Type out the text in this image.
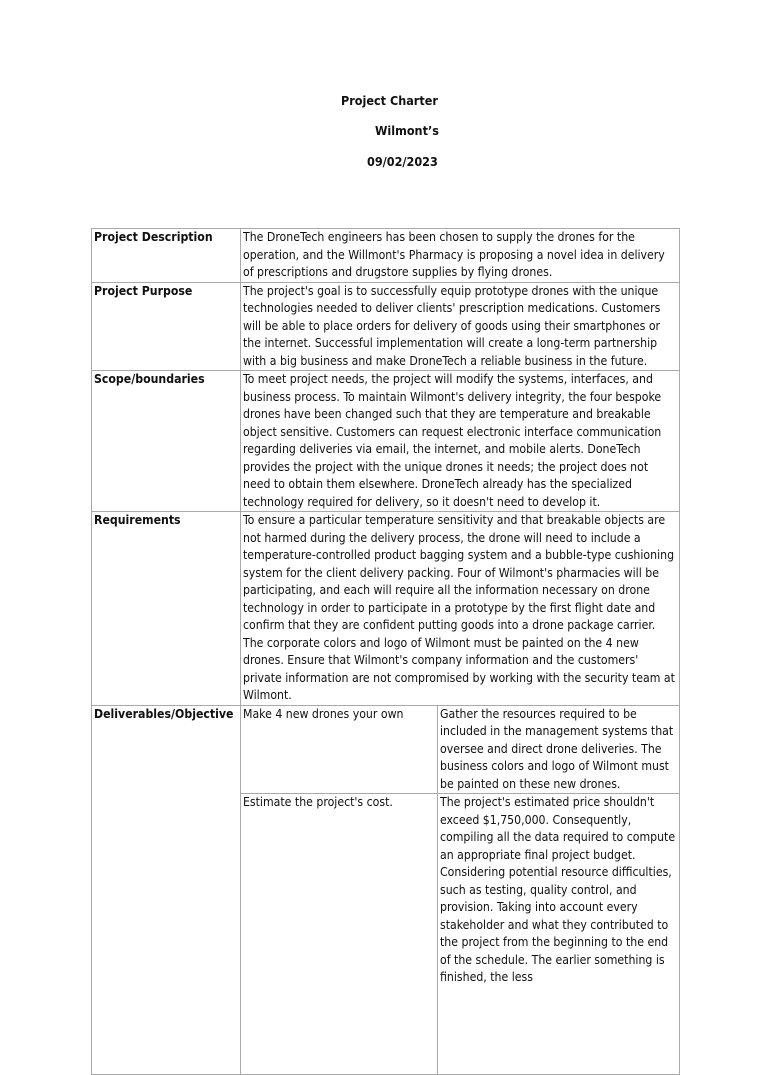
Project Charter
Wilmont’s
09/02/2023
Project Description	The DroneTech engineers has been chosen to supply the drones for the operation, and the Willmont's Pharmacy is proposing a novel idea in delivery of prescriptions and drugstore supplies by flying drones.	
Project Purpose	The project's goal is to successfully equip prototype drones with the unique technologies needed to deliver clients' prescription medications. Customers will be able to place orders for delivery of goods using their smartphones or the internet. Successful implementation will create a long-term partnership with a big business and make DroneTech a reliable business in the future.	
Scope/boundaries	To meet project needs, the project will modify the systems, interfaces, and business process. To maintain Wilmont's delivery integrity, the four bespoke drones have been changed such that they are temperature and breakable object sensitive. Customers can request electronic interface communication regarding deliveries via email, the internet, and mobile alerts. DoneTech provides the project with the unique drones it needs; the project does not need to obtain them elsewhere. DroneTech already has the specialized technology required for delivery, so it doesn't need to develop it.	
Requirements	To ensure a particular temperature sensitivity and that breakable objects are not harmed during the delivery process, the drone will need to include a temperature-controlled product bagging system and a bubble-type cushioning system for the client delivery packing. Four of Wilmont's pharmacies will be participating, and each will require all the information necessary on drone technology in order to participate in a prototype by the first flight date and confirm that they are confident putting goods into a drone package carrier.
The corporate colors and logo of Wilmont must be painted on the 4 new drones. Ensure that Wilmont's company information and the customers' private information are not compromised by working with the security team at Wilmont.	

Deliverables/Objective	Make 4 new drones your own	Gather the resources required to be included in the management systems that oversee and direct drone deliveries. The business colors and logo of Wilmont must be painted on these new drones.
	Estimate the project's cost.	The project's estimated price shouldn't exceed $1,750,000. Consequently, compiling all the data required to compute an appropriate final project budget. Considering potential resource difficulties, such as testing, quality control, and provision. Taking into account every stakeholder and what they contributed to the project from the beginning to the end of the schedule. The earlier something is finished, the less
